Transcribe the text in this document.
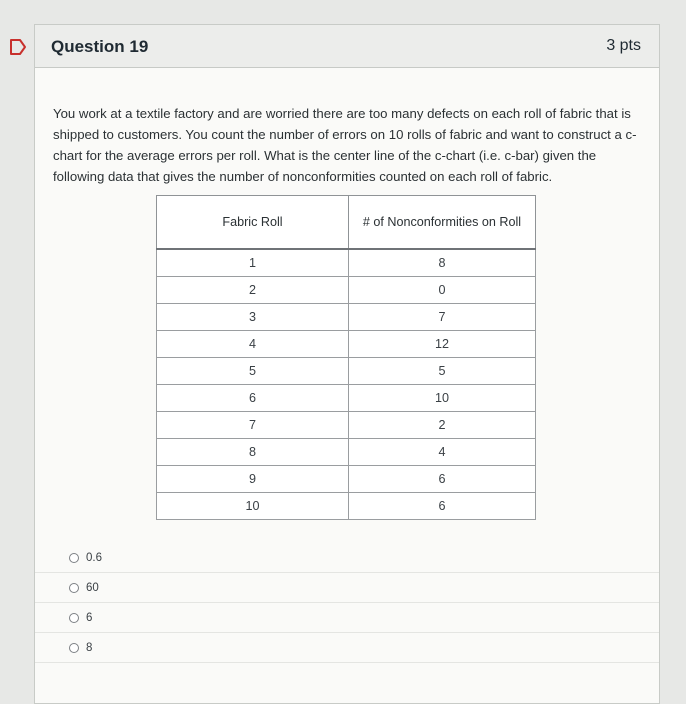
Question 19	3 pts
You work at a textile factory and are worried there are too many defects on each roll of fabric that is shipped to customers. You count the number of errors on 10 rolls of fabric and want to construct a c-chart for the average errors per roll. What is the center line of the c-chart (i.e. c-bar) given the following data that gives the number of nonconformities counted on each roll of fabric.
Fabric Roll	# of Nonconformities on Roll
1	8
2	0
3	7
4	12
5	5
6	10
7	2
8	4
9	6
10	6
0.6
60
6
8
